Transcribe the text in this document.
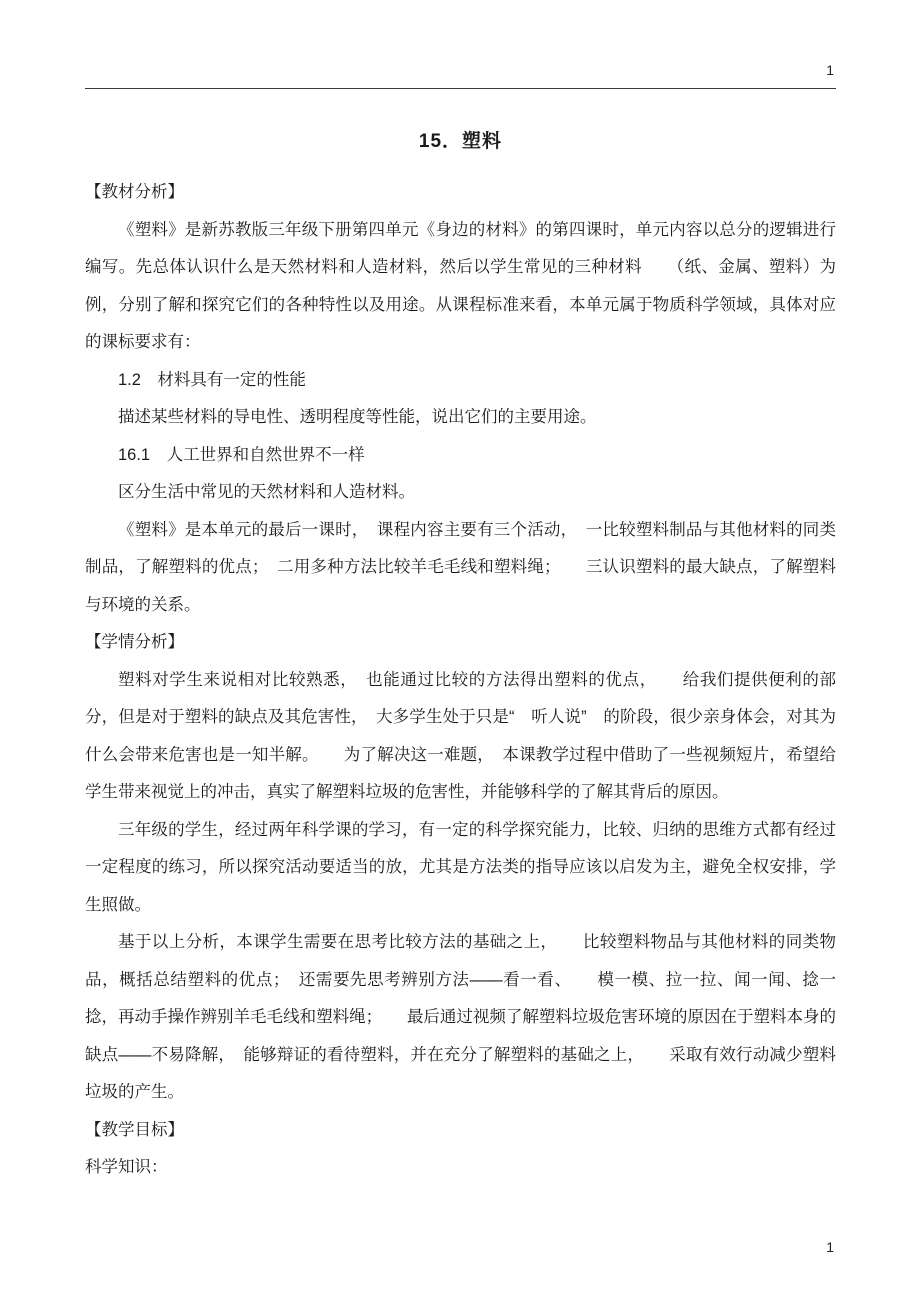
1
15．塑料

【教材分析】

《塑料》是新苏教版三年级下册第四单元《身边的材料》的第四课时，单元内容以总分的逻辑进行编写。先总体认识什么是天然材料和人造材料，然后以学生常见的三种材料　　（纸、金属、塑料）为例，分别了解和探究它们的各种特性以及用途。从课程标准来看，本单元属于物质科学领域，具体对应的课标要求有：

1.2　材料具有一定的性能

描述某些材料的导电性、透明程度等性能，说出它们的主要用途。

16.1　人工世界和自然世界不一样

区分生活中常见的天然材料和人造材料。

《塑料》是本单元的最后一课时，　课程内容主要有三个活动，　一比较塑料制品与其他材料的同类制品，了解塑料的优点；　二用多种方法比较羊毛毛线和塑料绳；　　三认识塑料的最大缺点，了解塑料与环境的关系。

【学情分析】

塑料对学生来说相对比较熟悉，　也能通过比较的方法得出塑料的优点，　　给我们提供便利的部分，但是对于塑料的缺点及其危害性，　大多学生处于只是“　听人说”　的阶段，很少亲身体会，对其为什么会带来危害也是一知半解。　　为了解决这一难题，　本课教学过程中借助了一些视频短片，希望给学生带来视觉上的冲击，真实了解塑料垃圾的危害性，并能够科学的了解其背后的原因。

三年级的学生，经过两年科学课的学习，有一定的科学探究能力，比较、归纳的思维方式都有经过一定程度的练习，所以探究活动要适当的放，尤其是方法类的指导应该以启发为主，避免全权安排，学生照做。

基于以上分析，本课学生需要在思考比较方法的基础之上，　　比较塑料物品与其他材料的同类物品，概括总结塑料的优点；　还需要先思考辨别方法——看一看、　　模一模、拉一拉、闻一闻、捻一捻，再动手操作辨别羊毛毛线和塑料绳；　　最后通过视频了解塑料垃圾危害环境的原因在于塑料本身的缺点——不易降解，　能够辩证的看待塑料，并在充分了解塑料的基础之上，　　采取有效行动减少塑料垃圾的产生。

【教学目标】

科学知识：

1
